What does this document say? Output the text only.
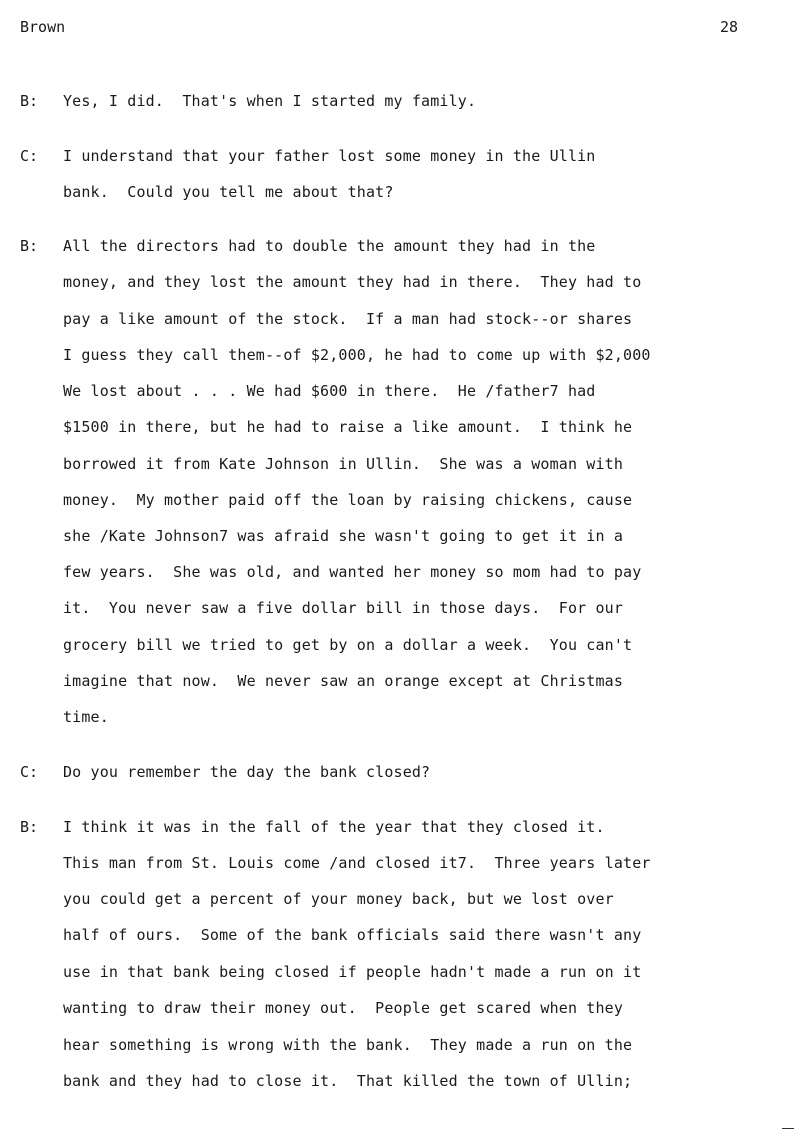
Brown	28
B: Yes, I did.  That's when I started my family.
C: I understand that your father lost some money in the Ullin
bank.  Could you tell me about that?
B: All the directors had to double the amount they had in the
money, and they lost the amount they had in there.  They had to
pay a like amount of the stock.  If a man had stock--or shares
I guess they call them--of $2,000, he had to come up with $2,000
We lost about . . . We had $600 in there.  He /father7 had
$1500 in there, but he had to raise a like amount.  I think he
borrowed it from Kate Johnson in Ullin.  She was a woman with
money.  My mother paid off the loan by raising chickens, cause
she /Kate Johnson7 was afraid she wasn't going to get it in a
few years.  She was old, and wanted her money so mom had to pay
it.  You never saw a five dollar bill in those days.  For our
grocery bill we tried to get by on a dollar a week.  You can't
imagine that now.  We never saw an orange except at Christmas
time.
C: Do you remember the day the bank closed?
B: I think it was in the fall of the year that they closed it.
This man from St. Louis come /and closed it7.  Three years later
you could get a percent of your money back, but we lost over
half of ours.  Some of the bank officials said there wasn't any
use in that bank being closed if people hadn't made a run on it
wanting to draw their money out.  People get scared when they
hear something is wrong with the bank.  They made a run on the
bank and they had to close it.  That killed the town of Ullin;
